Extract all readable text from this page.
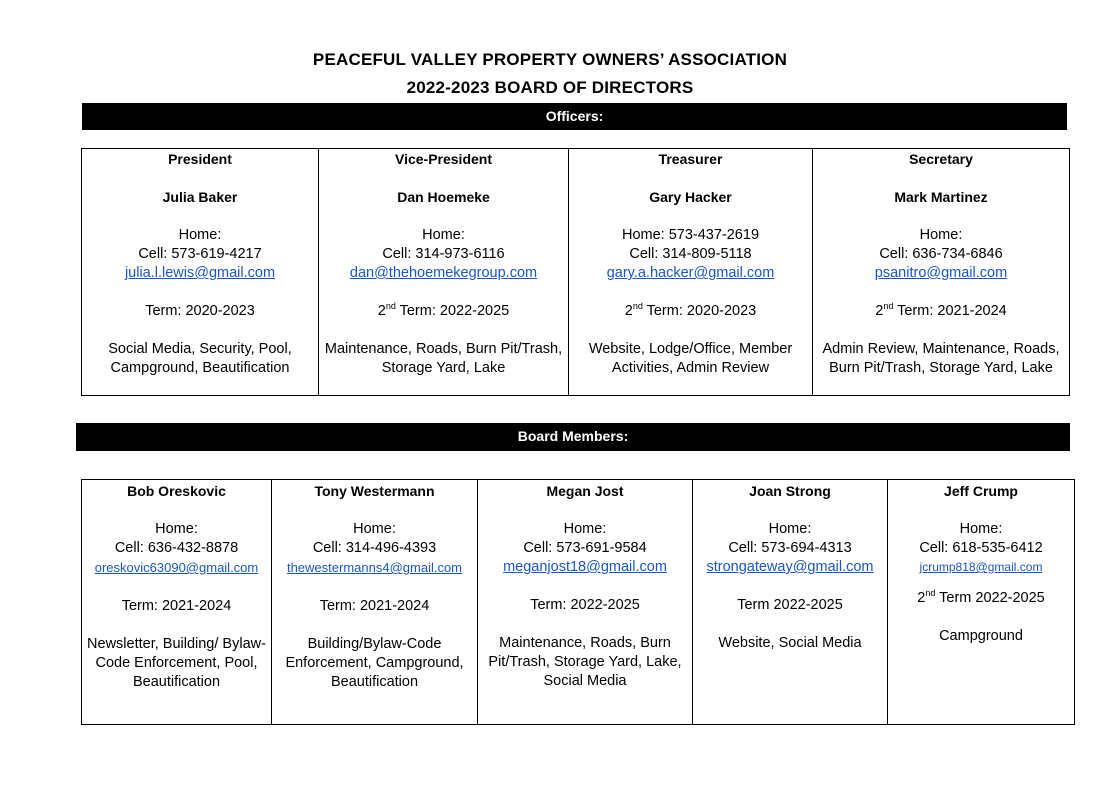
PEACEFUL VALLEY PROPERTY OWNERS’ ASSOCIATION
2022-2023 BOARD OF DIRECTORS
Officers:
President
Julia Baker
Home:
Cell: 573-619-4217
julia.l.lewis@gmail.com
Term: 2020-2023
Social Media, Security, Pool, Campground, Beautification

Vice-President
Dan Hoemeke
Home:
Cell: 314-973-6116
dan@thehoemekegroup.com
2nd Term: 2022-2025
Maintenance, Roads, Burn Pit/Trash, Storage Yard, Lake

Treasurer
Gary Hacker
Home: 573-437-2619
Cell: 314-809-5118
gary.a.hacker@gmail.com
2nd Term: 2020-2023
Website, Lodge/Office, Member Activities, Admin Review

Secretary
Mark Martinez
Home:
Cell: 636-734-6846
psanitro@gmail.com
2nd Term: 2021-2024
Admin Review, Maintenance, Roads, Burn Pit/Trash, Storage Yard, Lake
Board Members:
Bob Oreskovic
Home:
Cell: 636-432-8878
oreskovic63090@gmail.com
Term: 2021-2024
Newsletter, Building/ Bylaw-Code Enforcement, Pool, Beautification

Tony Westermann
Home:
Cell: 314-496-4393
thewestermanns4@gmail.com
Term: 2021-2024
Building/Bylaw-Code Enforcement, Campground, Beautification

Megan Jost
Home:
Cell: 573-691-9584
meganjost18@gmail.com
Term: 2022-2025
Maintenance, Roads, Burn Pit/Trash, Storage Yard, Lake, Social Media

Joan Strong
Home:
Cell: 573-694-4313
strongateway@gmail.com
Term 2022-2025
Website, Social Media

Jeff Crump
Home:
Cell: 618-535-6412
jcrump818@gmail.com
2nd Term 2022-2025
Campground
